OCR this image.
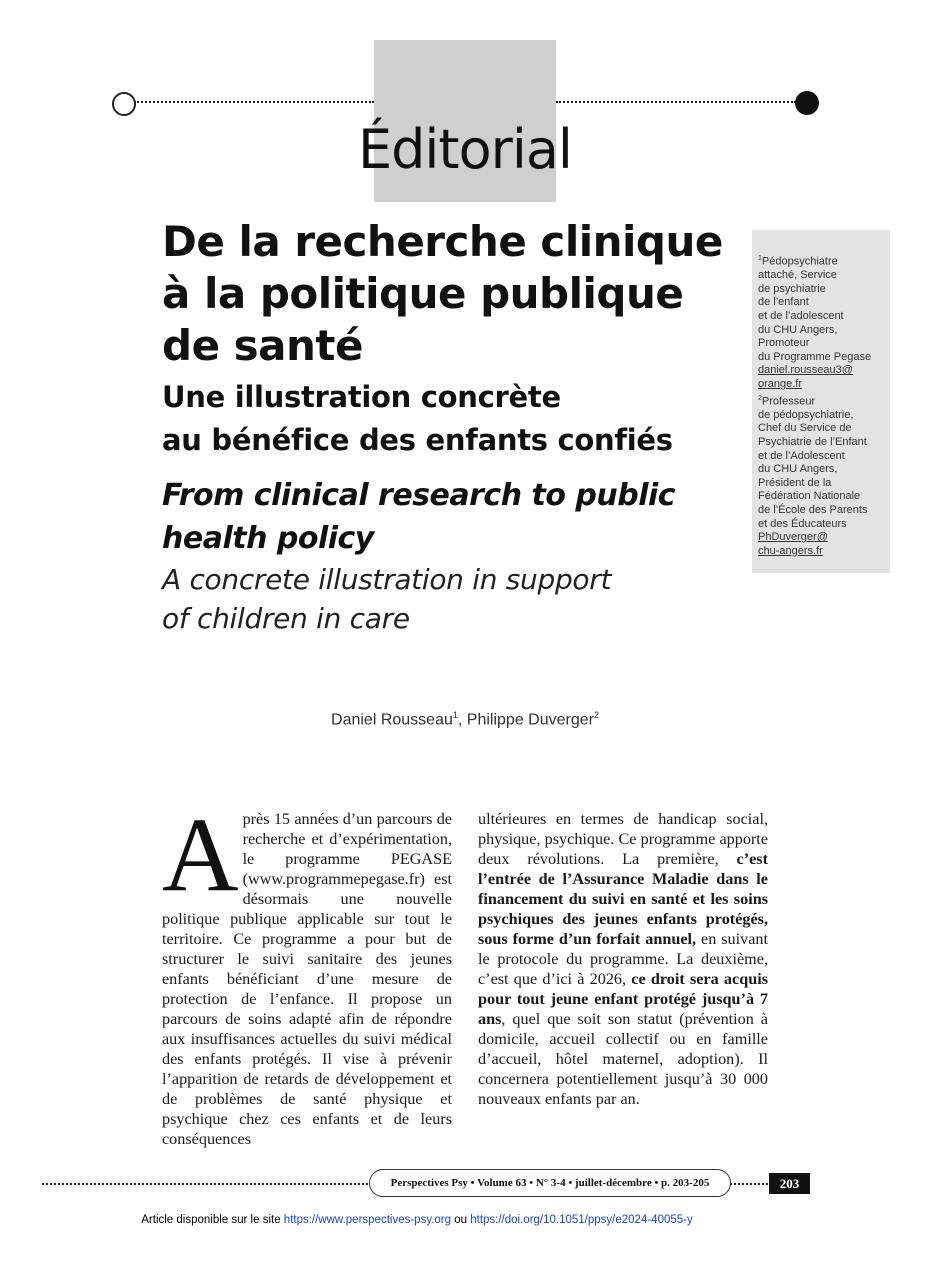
Éditorial
De la recherche clinique
à la politique publique
de santé
Une illustration concrète
au bénéfice des enfants confiés
From clinical research to public
health policy
A concrete illustration in support
of children in care
$^1$Pédopsychiatre
attaché, Service
de psychiatrie
de l’enfant
et de l’adolescent
du CHU Angers,
Promoteur
du Programme Pegase
daniel.rousseau3@
orange.fr
$^2$Professeur
de pédopsychiatrie,
Chef du Service de
Psychiatrie de l’Enfant
et de l’Adolescent
du CHU Angers,
Président de la
Fédération Nationale
de l’École des Parents
et des Éducateurs
PhDuverger@
chu-angers.fr
Daniel Rousseau$^1$, Philippe Duverger$^2$
Après 15 années d’un parcours de recherche et d’expérimentation, le programme PEGASE (www.programmepegase.fr) est désormais une nouvelle politique publique applicable sur tout le territoire. Ce programme a pour but de structurer le suivi sanitaire des jeunes enfants bénéficiant d’une mesure de protection de l’enfance. Il propose un parcours de soins adapté afin de répondre aux insuffisances actuelles du suivi médical des enfants protégés. Il vise à prévenir l’apparition de retards de développement et de problèmes de santé physique et psychique chez ces enfants et de leurs conséquences
ultérieures en termes de handicap social, physique, psychique. Ce programme apporte deux révolutions. La première, c’est l’entrée de l’Assurance Maladie dans le financement du suivi en santé et les soins psychiques des jeunes enfants protégés, sous forme d’un forfait annuel, en suivant le protocole du programme. La deuxième, c’est que d’ici à 2026, ce droit sera acquis pour tout jeune enfant protégé jusqu’à 7 ans, quel que soit son statut (prévention à domicile, accueil collectif ou en famille d’accueil, hôtel maternel, adoption). Il concernera potentiellement jusqu’à 30 000 nouveaux enfants par an.
Perspectives Psy • Volume 63 • N° 3-4 • juillet-décembre • p. 203-205	203
Article disponible sur le site https://www.perspectives-psy.org ou https://doi.org/10.1051/ppsy/e2024-40055-y
